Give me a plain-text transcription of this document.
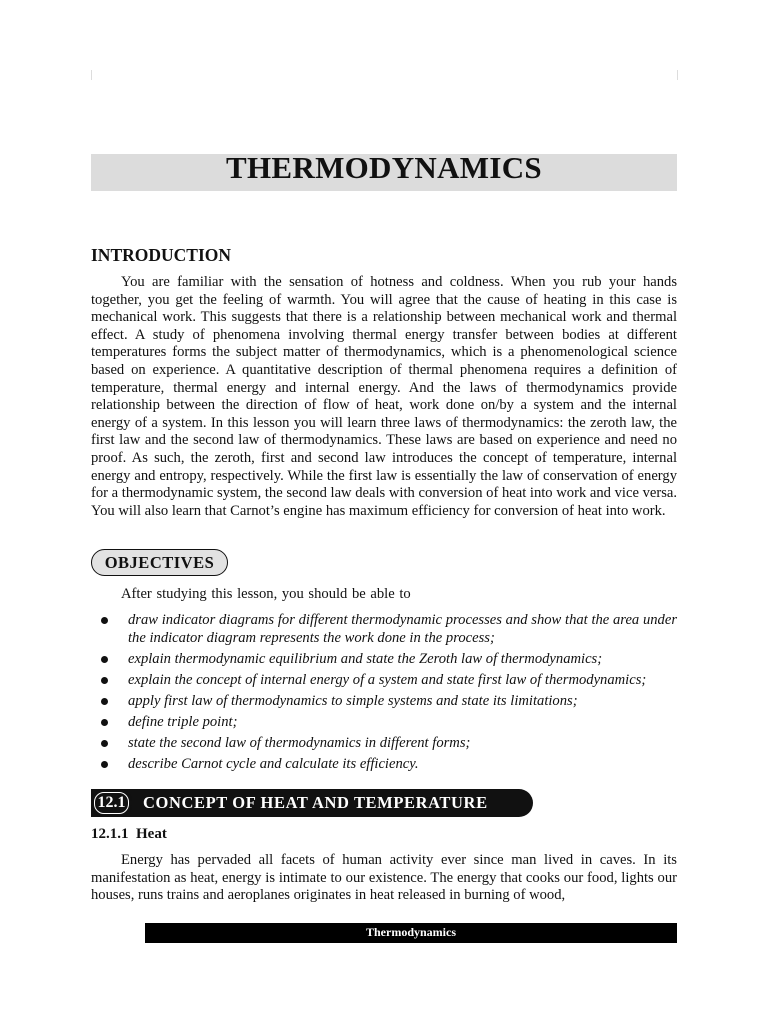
THERMODYNAMICS
INTRODUCTION

You are familiar with the sensation of hotness and coldness. When you rub your hands together, you get the feeling of warmth. You will agree that the cause of heating in this case is mechanical work. This suggests that there is a relationship between mechanical work and thermal effect. A study of phenomena involving thermal energy transfer between bodies at different temperatures forms the subject matter of thermodynamics, which is a phenomenological science based on experience. A quantitative description of thermal phenomena requires a definition of temperature, thermal energy and internal energy. And the laws of thermodynamics provide relationship between the direction of flow of heat, work done on/by a system and the internal energy of a system. In this lesson you will learn three laws of thermodynamics: the zeroth law, the first law and the second law of thermodynamics. These laws are based on experience and need no proof. As such, the zeroth, first and second law introduces the concept of temperature, internal energy and entropy, respectively. While the first law is essentially the law of conservation of energy for a thermodynamic system, the second law deals with conversion of heat into work and vice versa. You will also learn that Carnot’s engine has maximum efficiency for conversion of heat into work.

OBJECTIVES

After studying this lesson, you should be able to

draw indicator diagrams for different thermodynamic processes and show that the area under the indicator diagram represents the work done in the process;
explain thermodynamic equilibrium and state the Zeroth law of thermodynamics;
explain the concept of internal energy of a system and state first law of thermodynamics;
apply first law of thermodynamics to simple systems and state its limitations;
define triple point;
state the second law of thermodynamics in different forms;
describe Carnot cycle and calculate its efficiency.
12.1 CONCEPT OF HEAT AND TEMPERATURE
12.1.1  Heat

Energy has pervaded all facets of human activity ever since man lived in caves. In its manifestation as heat, energy is intimate to our existence. The energy that cooks our food, lights our houses, runs trains and aeroplanes originates in heat released in burning of wood,

Thermodynamics
